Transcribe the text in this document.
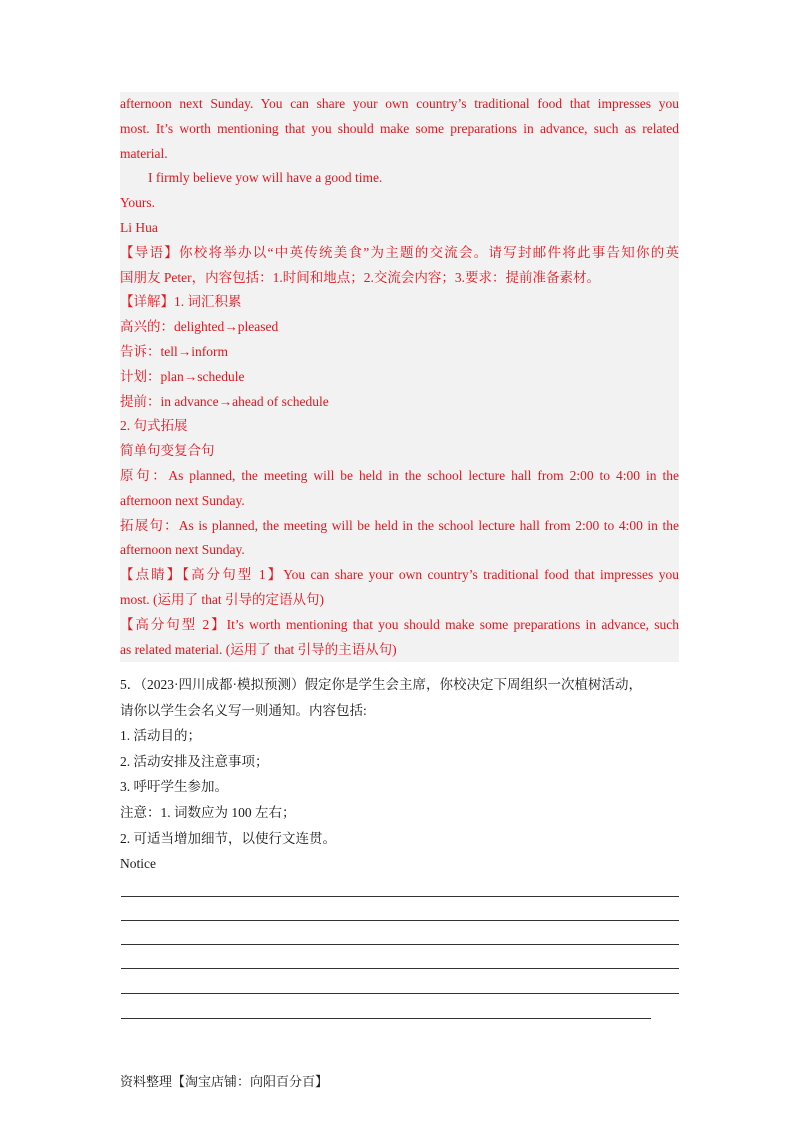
afternoon next Sunday. You can share your own country’s traditional food that impresses you
most. It’s worth mentioning that you should make some preparations in advance, such as related
material.
I firmly believe yow will have a good time.
Yours.
Li Hua
【导语】你校将举办以“中英传统美食”为主题的交流会。请写封邮件将此事告知你的英
国朋友 Peter，内容包括：1.时间和地点；2.交流会内容；3.要求：提前准备素材。
【详解】1. 词汇积累
高兴的：delighted→pleased
告诉：tell→inform
计划：plan→schedule
提前：in advance→ahead of schedule
2. 句式拓展
简单句变复合句
原句：As planned, the meeting will be held in the school lecture hall from 2:00 to 4:00 in the
afternoon next Sunday.
拓展句：As is planned, the meeting will be held in the school lecture hall from 2:00 to 4:00 in the
afternoon next Sunday.
【点睛】【高分句型 1】You can share your own country’s traditional food that impresses you
most. (运用了 that 引导的定语从句)
【高分句型 2】It’s worth mentioning that you should make some preparations in advance, such
as related material. (运用了 that 引导的主语从句)
5．（2023·四川成都·模拟预测）假定你是学生会主席，你校决定下周组织一次植树活动，
请你以学生会名义写一则通知。内容包括:
1. 活动目的；
2. 活动安排及注意事项；
3. 呼吁学生参加。
注意：1. 词数应为 100 左右；
2. 可适当增加细节，以使行文连贯。
Notice
资料整理【淘宝店铺：向阳百分百】
